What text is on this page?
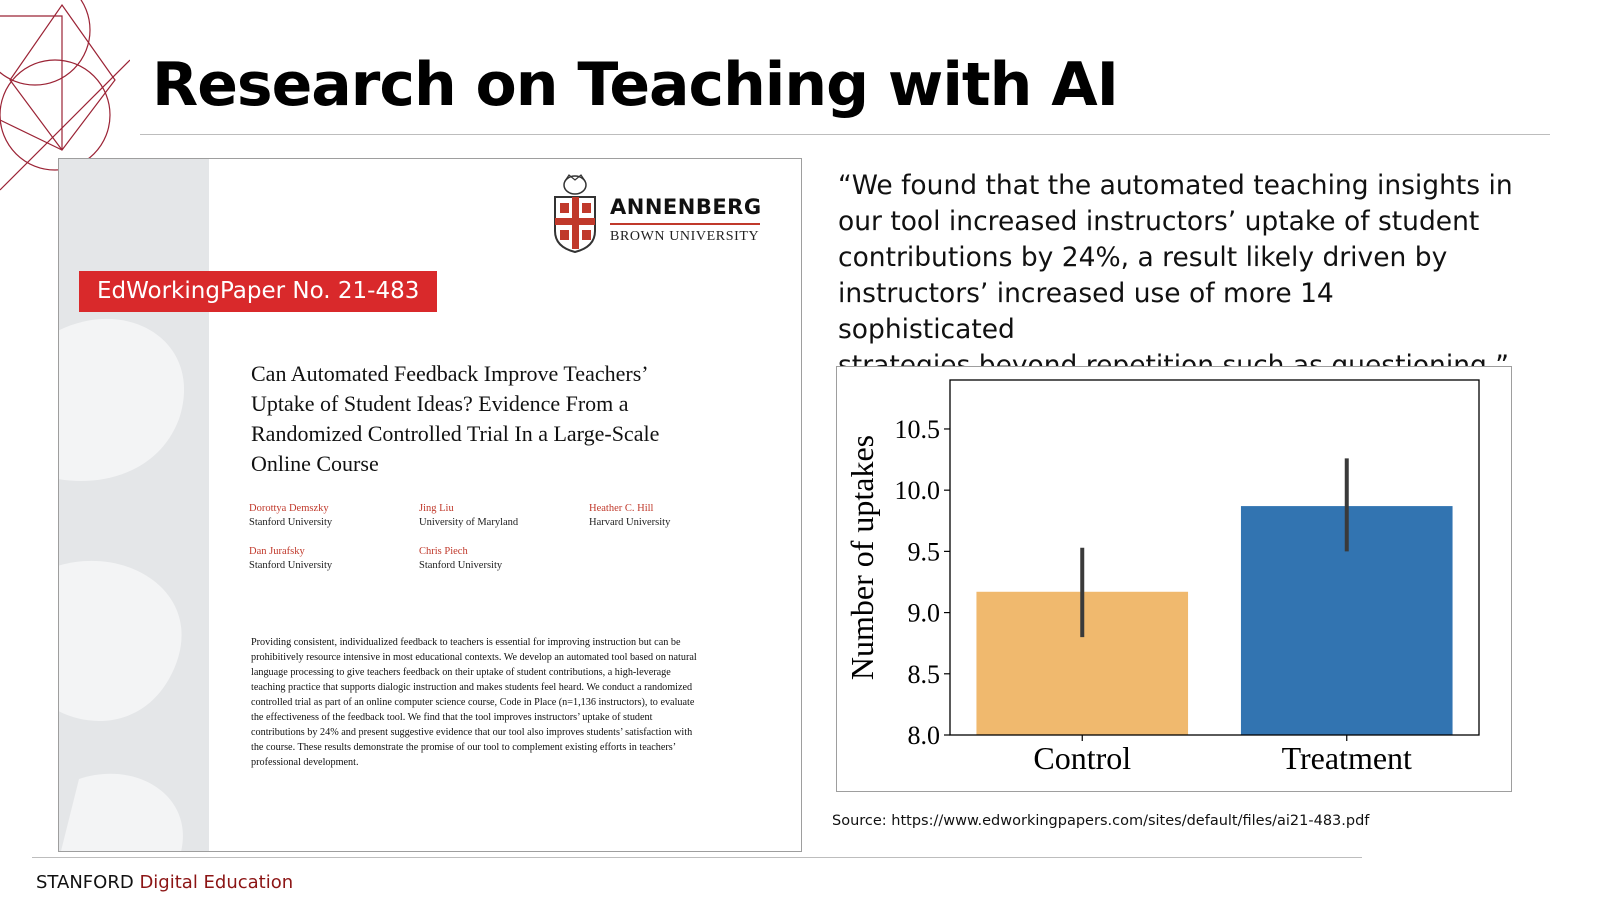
Research on Teaching with AI
ANNENBERG
BROWN UNIVERSITY
EdWorkingPaper No. 21-483
Can Automated Feedback Improve Teachers’
Uptake of Student Ideas? Evidence From a
Randomized Controlled Trial In a Large-Scale
Online Course
Dorottya Demszky
Stanford University
Jing Liu
University of Maryland
Heather C. Hill
Harvard University
Dan Jurafsky
Stanford University
Chris Piech
Stanford University
Providing consistent, individualized feedback to teachers is essential for improving instruction but can be
prohibitively resource intensive in most educational contexts. We develop an automated tool based on natural
language processing to give teachers feedback on their uptake of student contributions, a high-leverage
teaching practice that supports dialogic instruction and makes students feel heard. We conduct a randomized
controlled trial as part of an online computer science course, Code in Place (n=1,136 instructors), to evaluate
the effectiveness of the feedback tool. We find that the tool improves instructors’ uptake of student
contributions by 24% and present suggestive evidence that our tool also improves students’ satisfaction with
the course. These results demonstrate the promise of our tool to complement existing efforts in teachers’
professional development.
“We found that the automated teaching insights in
our tool increased instructors’ uptake of student
contributions by 24%, a result likely driven by
instructors’ increased use of more 14 sophisticated
Control	Treatment
8.0
8.5
9.0
9.5
10.0
10.5
Number of uptakes
Source: https://www.edworkingpapers.com/sites/default/files/ai21-483.pdf
STANFORD Digital Education
